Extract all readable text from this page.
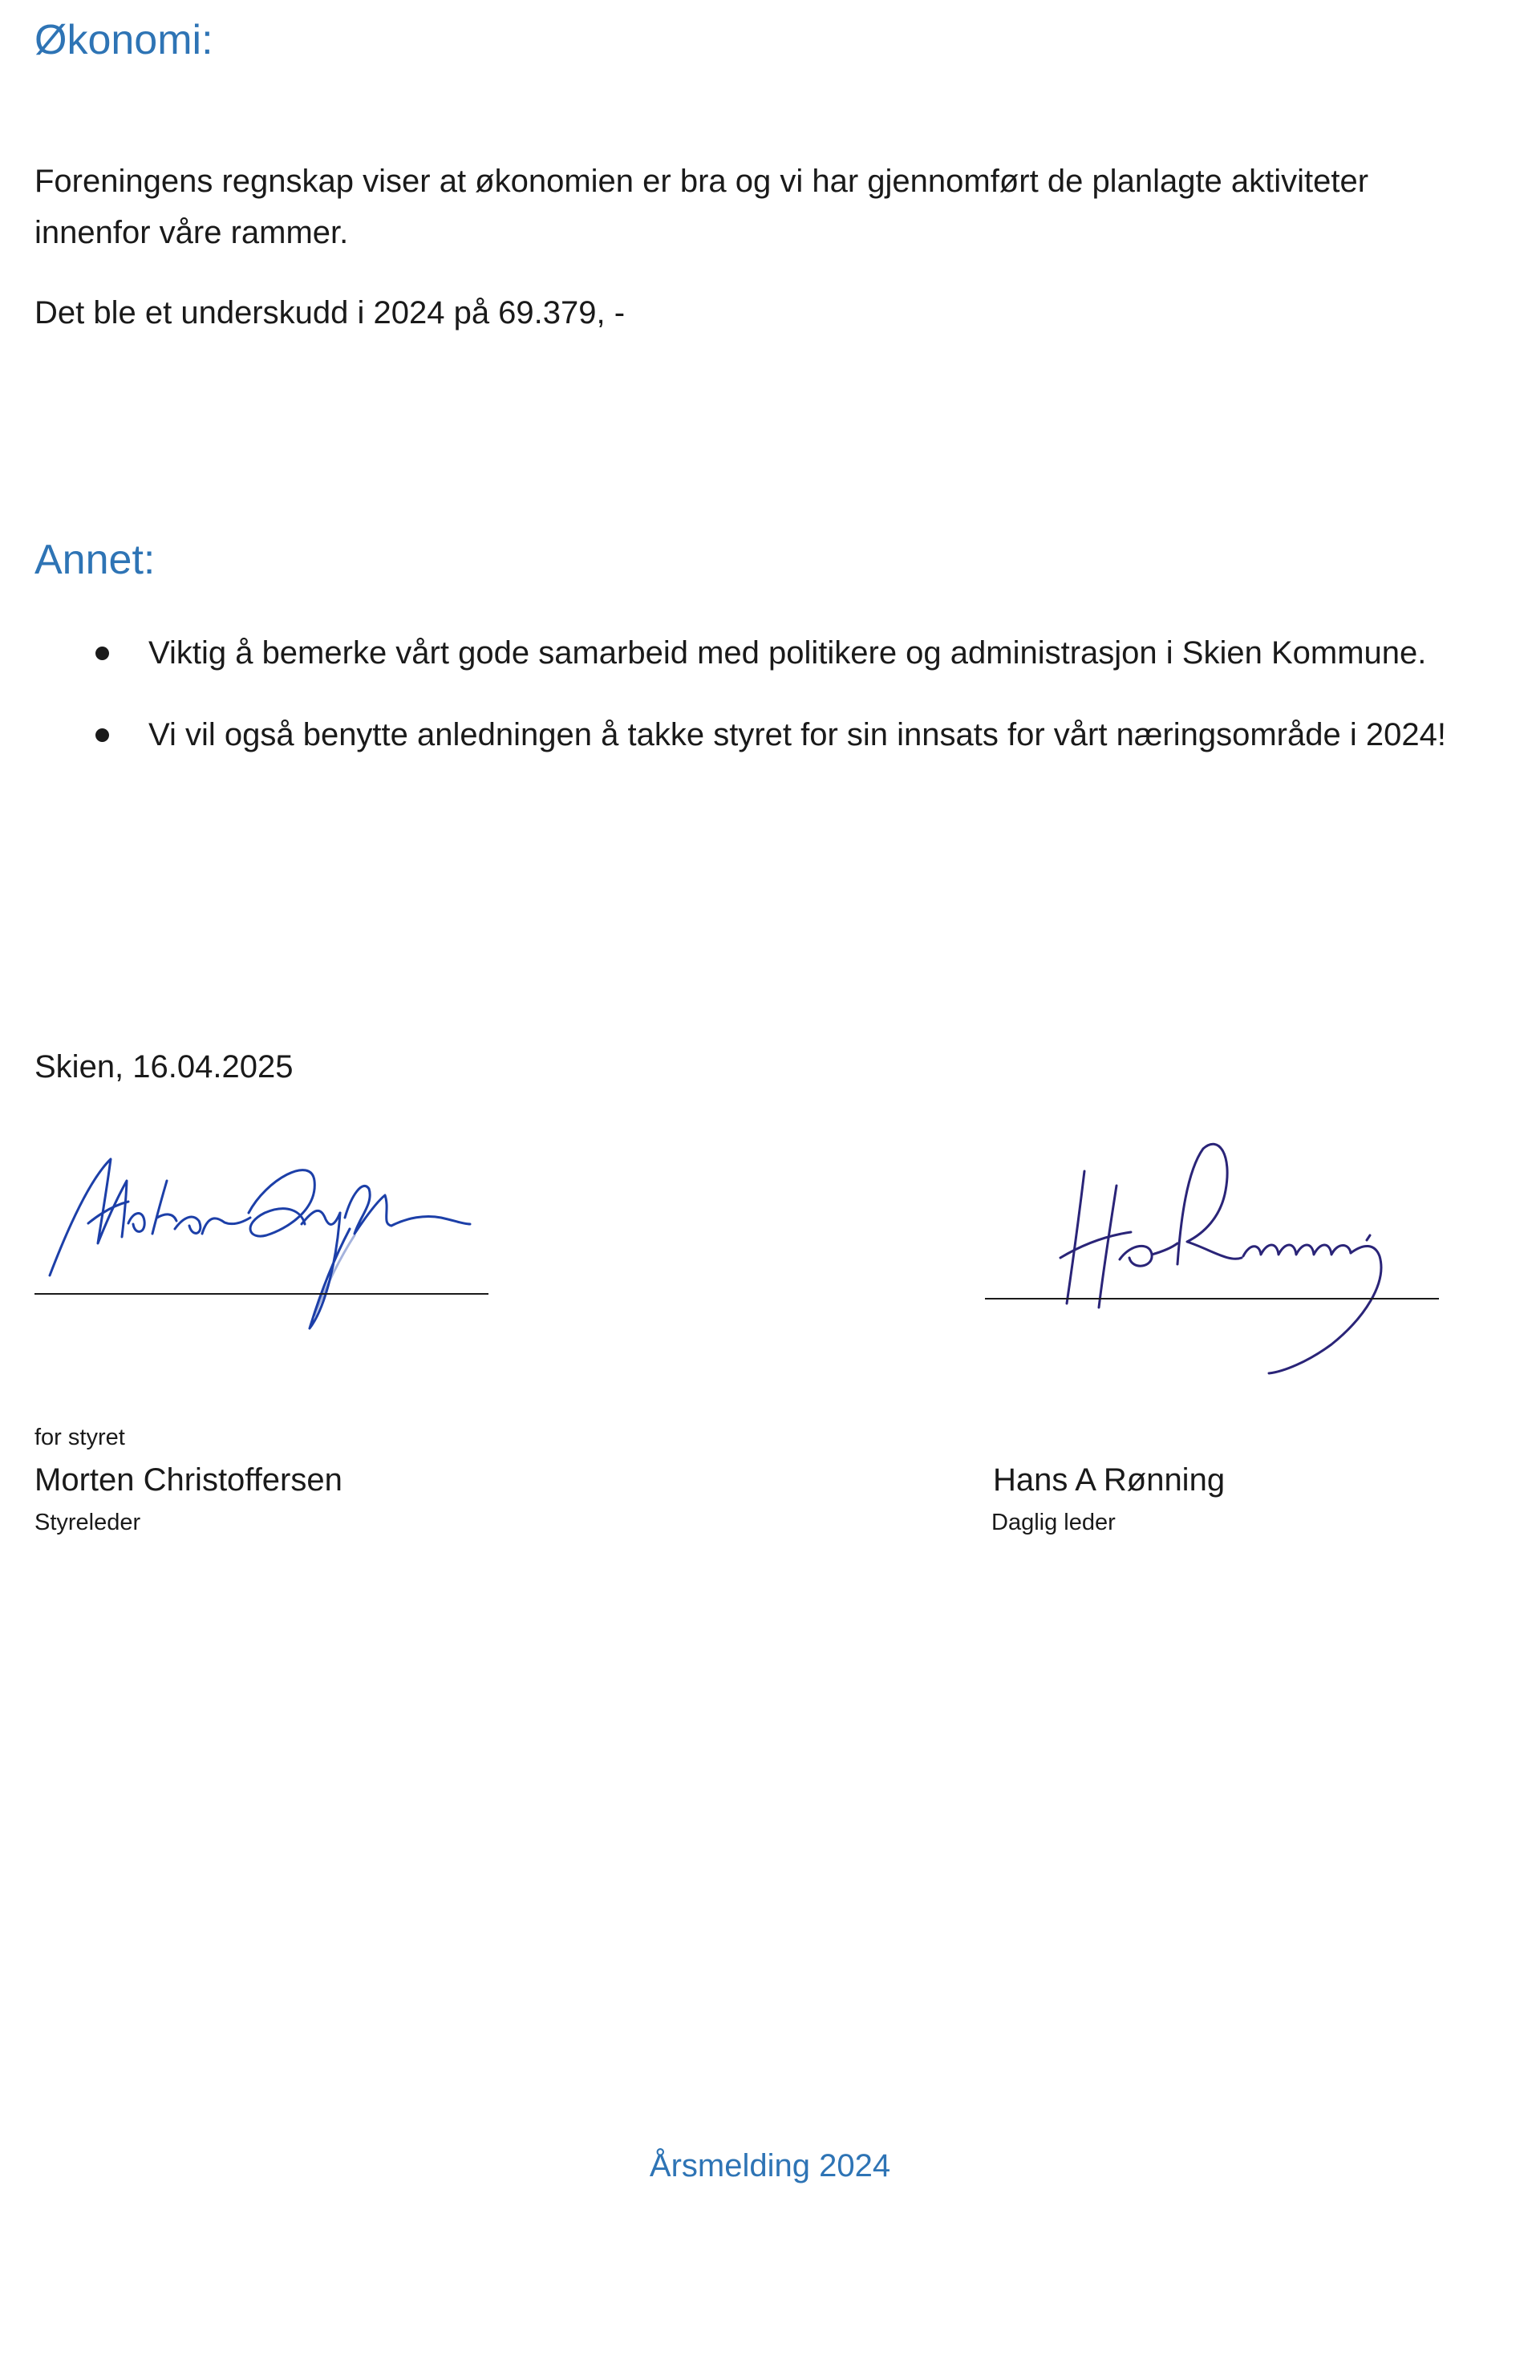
Økonomi:
Foreningens regnskap viser at økonomien er bra og vi har gjennomført de planlagte aktiviteter
innenfor våre rammer.
Det ble et underskudd i 2024 på 69.379, -
Annet:
Viktig å bemerke vårt gode samarbeid med politikere og administrasjon i Skien Kommune.
Vi vil også benytte anledningen å takke styret for sin innsats for vårt næringsområde i 2024!
Skien, 16.04.2025
for styret
Morten Christoffersen
Styreleder
Hans A Rønning
Daglig leder
Årsmelding 2024
